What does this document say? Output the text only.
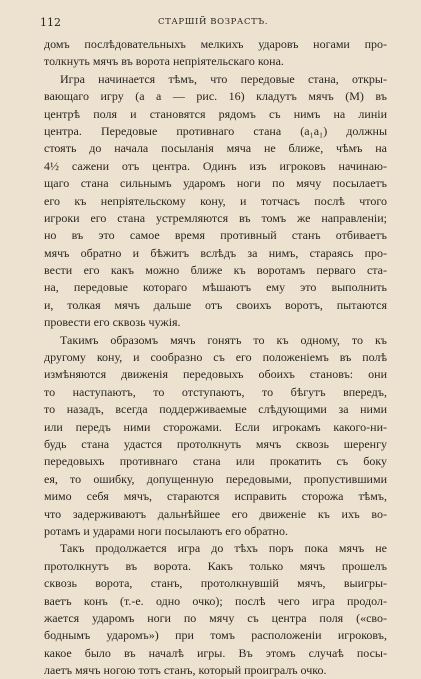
112	СТАРШІЙ ВОЗРАСТЪ.
домъ послѣдовательныхъ мелкихъ ударовъ ногами про-
толкнуть мячъ въ ворота непріятельскаго кона.
Игра начинается тѣмъ, что передовые стана, откры-
вающаго игру (а а — рис. 16) кладутъ мячъ (M) въ
центрѣ поля и становятся рядомъ съ нимъ на линіи
центра. Передовые противнаго стана (a₁a₁) должны
стоять до начала посыланія мяча не ближе, чѣмъ на
4½ сажени отъ центра. Одинъ изъ игроковъ начинаю-
щаго стана сильнымъ ударомъ ноги по мячу посылаетъ
его къ непріятельскому кону, и тотчасъ послѣ чтого
игроки его стана устремляются въ томъ же направленіи;
но въ это самое время противный станъ отбиваетъ
мячъ обратно и бѣжитъ вслѣдъ за нимъ, стараясь про-
вести его какъ можно ближе къ воротамъ перваго ста-
на, передовые котораго мѣшаютъ ему это выполнить
и, толкая мячъ дальше отъ своихъ воротъ, пытаются
провести его сквозь чужія.
Такимъ образомъ мячъ гонятъ то къ одному, то къ
другому кону, и сообразно съ его положеніемъ въ полѣ
измѣняются движенія передовыхъ обоихъ становъ: они
то наступаютъ, то отступаютъ, то бѣгутъ впередъ,
то назадъ, всегда поддерживаемые слѣдующими за ними
или передъ ними сторожами. Если игрокамъ какого-ни-
будь стана удастся протолкнуть мячъ сквозь шеренгу
передовыхъ противнаго стана или прокатить съ боку
ея, то ошибку, допущенную передовыми, пропустившими
мимо себя мячъ, стараются исправить сторожа тѣмъ,
что задерживаютъ дальнѣйшее его движеніе къ ихъ во-
ротамъ и ударами ноги посылаютъ его обратно.
Такъ продолжается игра до тѣхъ поръ пока мячъ не
протолкнутъ въ ворота. Какъ только мячъ прошелъ
сквозь ворота, станъ, протолкнувшій мячъ, выигры-
ваетъ конъ (т.-е. одно очко); послѣ чего игра продол-
жается ударомъ ноги по мячу съ центра поля («сво-
боднымъ ударомъ») при томъ расположеніи игроковъ,
какое было въ началѣ игры. Въ этомъ случаѣ посы-
лаетъ мячъ ногою тотъ станъ, который проигралъ очко.
